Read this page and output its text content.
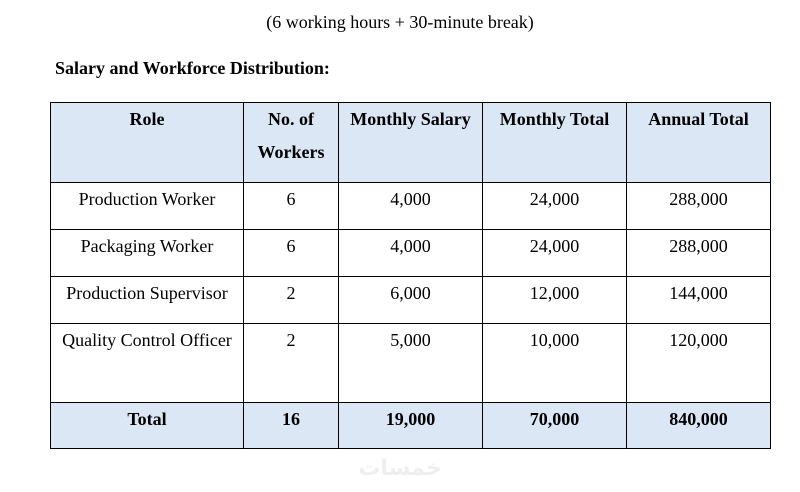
(6 working hours + 30-minute break)
Salary and Workforce Distribution:
Role	No. of Workers	Monthly Salary	Monthly Total	Annual Total
Production Worker	6	4,000	24,000	288,000
Packaging Worker	6	4,000	24,000	288,000
Production Supervisor	2	6,000	12,000	144,000
Quality Control Officer	2	5,000	10,000	120,000
Total	16	19,000	70,000	840,000
خمسات
